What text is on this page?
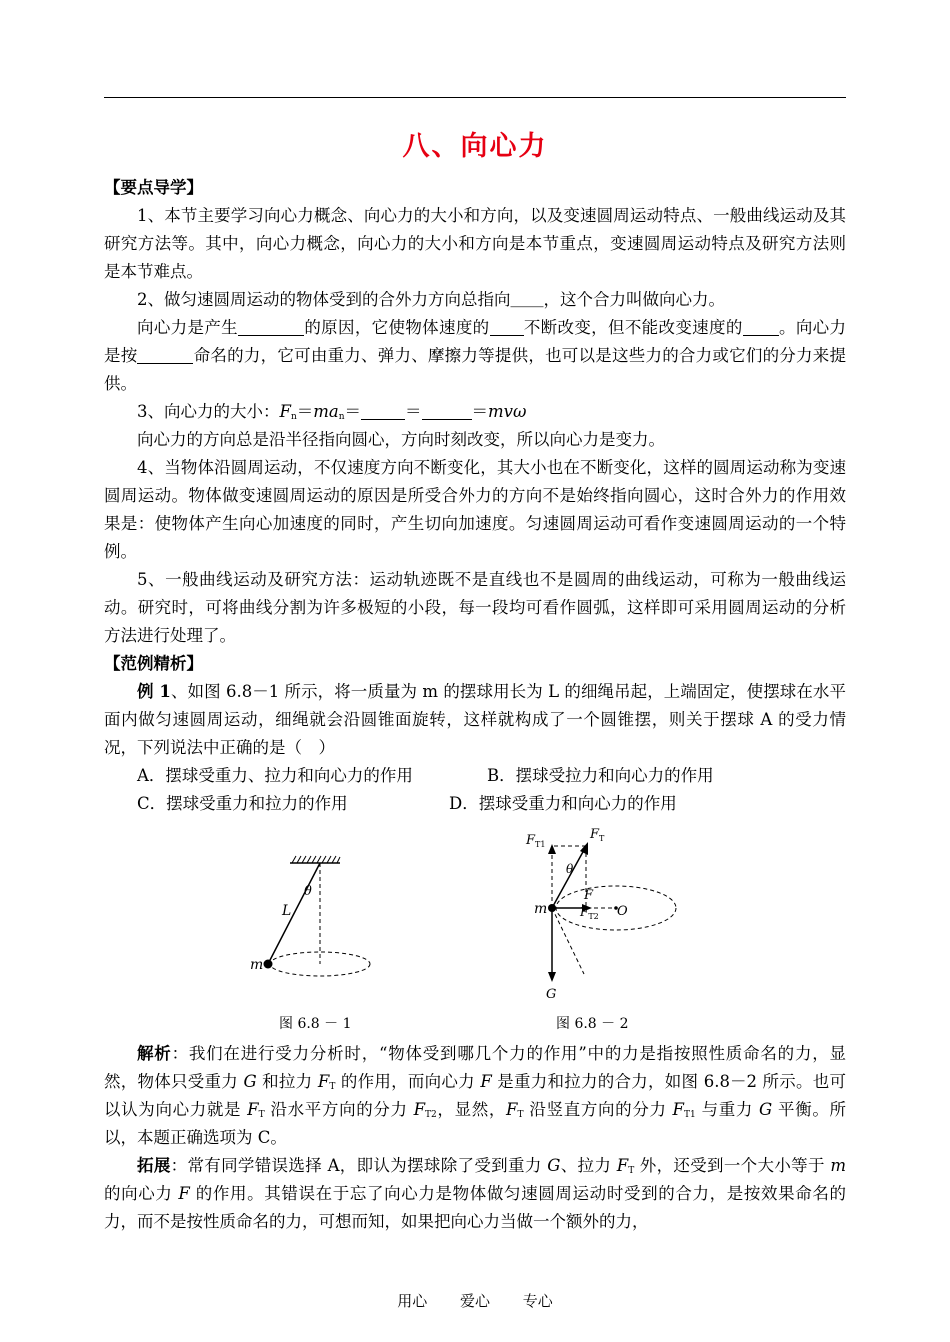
八、向心力

【要点导学】

1、本节主要学习向心力概念、向心力的大小和方向，以及变速圆周运动特点、一般曲线运动及其研究方法等。其中，向心力概念，向心力的大小和方向是本节重点，变速圆周运动特点及研究方法则是本节难点。

2、做匀速圆周运动的物体受到的合外力方向总指向＿＿，这个合力叫做向心力。

向心力是产生	的原因，它使物体速度的 不断改变，但不能改变速度的 。向心力是按	命名的力，它可由重力、弹力、摩擦力等提供，也可以是这些力的合力或它们的分力来提供。

3、向心力的大小：$F_n=ma_n=$	＝	＝mvω

向心力的方向总是沿半径指向圆心，方向时刻改变，所以向心力是变力。

4、当物体沿圆周运动，不仅速度方向不断变化，其大小也在不断变化，这样的圆周运动称为变速圆周运动。物体做变速圆周运动的原因是所受合外力的方向不是始终指向圆心，这时合外力的作用效果是：使物体产生向心加速度的同时，产生切向加速度。匀速圆周运动可看作变速圆周运动的一个特例。

5、一般曲线运动及研究方法：运动轨迹既不是直线也不是圆周的曲线运动，可称为一般曲线运动。研究时，可将曲线分割为许多极短的小段，每一段均可看作圆弧，这样即可采用圆周运动的分析方法进行处理了。

【范例精析】

例 1、如图 6.8－1 所示，将一质量为 m 的摆球用长为 L 的细绳吊起，上端固定，使摆球在水平面内做匀速圆周运动，细绳就会沿圆锥面旋转，这样就构成了一个圆锥摆，则关于摆球 A 的受力情况，下列说法中正确的是（　）

A．摆球受重力、拉力和向心力的作用	B．摆球受拉力和向心力的作用
C．摆球受重力和拉力的作用	D．摆球受重力和向心力的作用
θ
L
m
图 6.8 － 1
$F_{T1}$
$F_T$
θ
F
$F_{T2}$ O
m
G
图 6.8 － 2

解析：我们在进行受力分析时，“物体受到哪几个力的作用”中的力是指按照性质命名的力，显然，物体只受重力 G 和拉力 $F_T$ 的作用，而向心力 F 是重力和拉力的合力，如图 6.8－2 所示。也可以认为向心力就是 $F_T$ 沿水平方向的分力 $F_{T2}$，显然，$F_T$ 沿竖直方向的分力 $F_{T1}$ 与重力 G 平衡。所以，本题正确选项为 C。

拓展：常有同学错误选择 A，即认为摆球除了受到重力 G、拉力 $F_T$ 外，还受到一个大小等于 m 的向心力 F 的作用。其错误在于忘了向心力是物体做匀速圆周运动时受到的合力，是按效果命名的力，而不是按性质命名的力，可想而知，如果把向心力当做一个额外的力，

用心 爱心 专心
